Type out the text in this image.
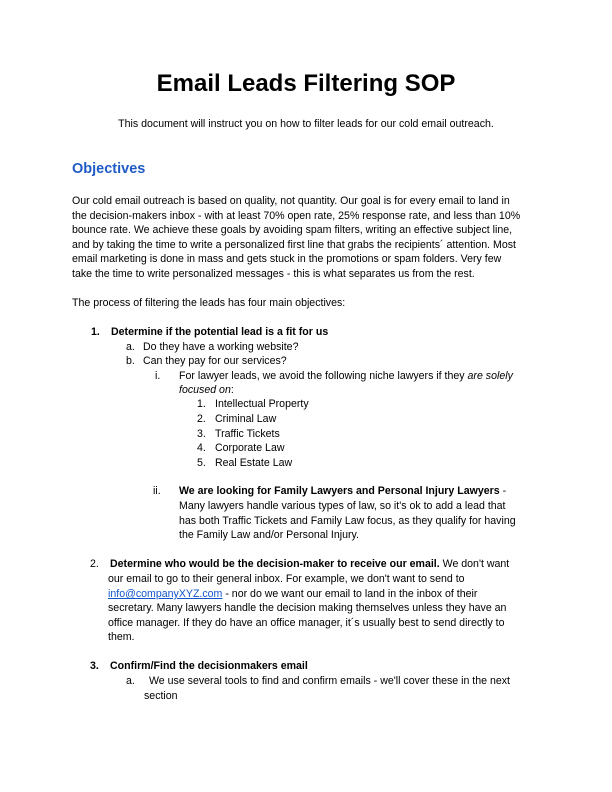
Email Leads Filtering SOP
This document will instruct you on how to filter leads for our cold email outreach.
Objectives
Our cold email outreach is based on quality, not quantity. Our goal is for every email to land in
the decision-makers inbox - with at least 70% open rate, 25% response rate, and less than 10%
bounce rate. We achieve these goals by avoiding spam filters, writing an effective subject line,
and by taking the time to write a personalized first line that grabs the recipients´ attention. Most
email marketing is done in mass and gets stuck in the promotions or spam folders. Very few
take the time to write personalized messages - this is what separates us from the rest.
The process of filtering the leads has four main objectives:
1. Determine if the potential lead is a fit for us
a. Do they have a working website?
b. Can they pay for our services?
i. For lawyer leads, we avoid the following niche lawyers if they are solely
focused on:
1. Intellectual Property
2. Criminal Law
3. Traffic Tickets
4. Corporate Law
5. Real Estate Law
ii. We are looking for Family Lawyers and Personal Injury Lawyers -
Many lawyers handle various types of law, so it's ok to add a lead that
has both Traffic Tickets and Family Law focus, as they qualify for having
the Family Law and/or Personal Injury.
2. Determine who would be the decision-maker to receive our email. We don't want
our email to go to their general inbox. For example, we don't want to send to
info@companyXYZ.com - nor do we want our email to land in the inbox of their
secretary. Many lawyers handle the decision making themselves unless they have an
office manager. If they do have an office manager, it´s usually best to send directly to
them.
3. Confirm/Find the decisionmakers email
a. We use several tools to find and confirm emails - we'll cover these in the next
section
